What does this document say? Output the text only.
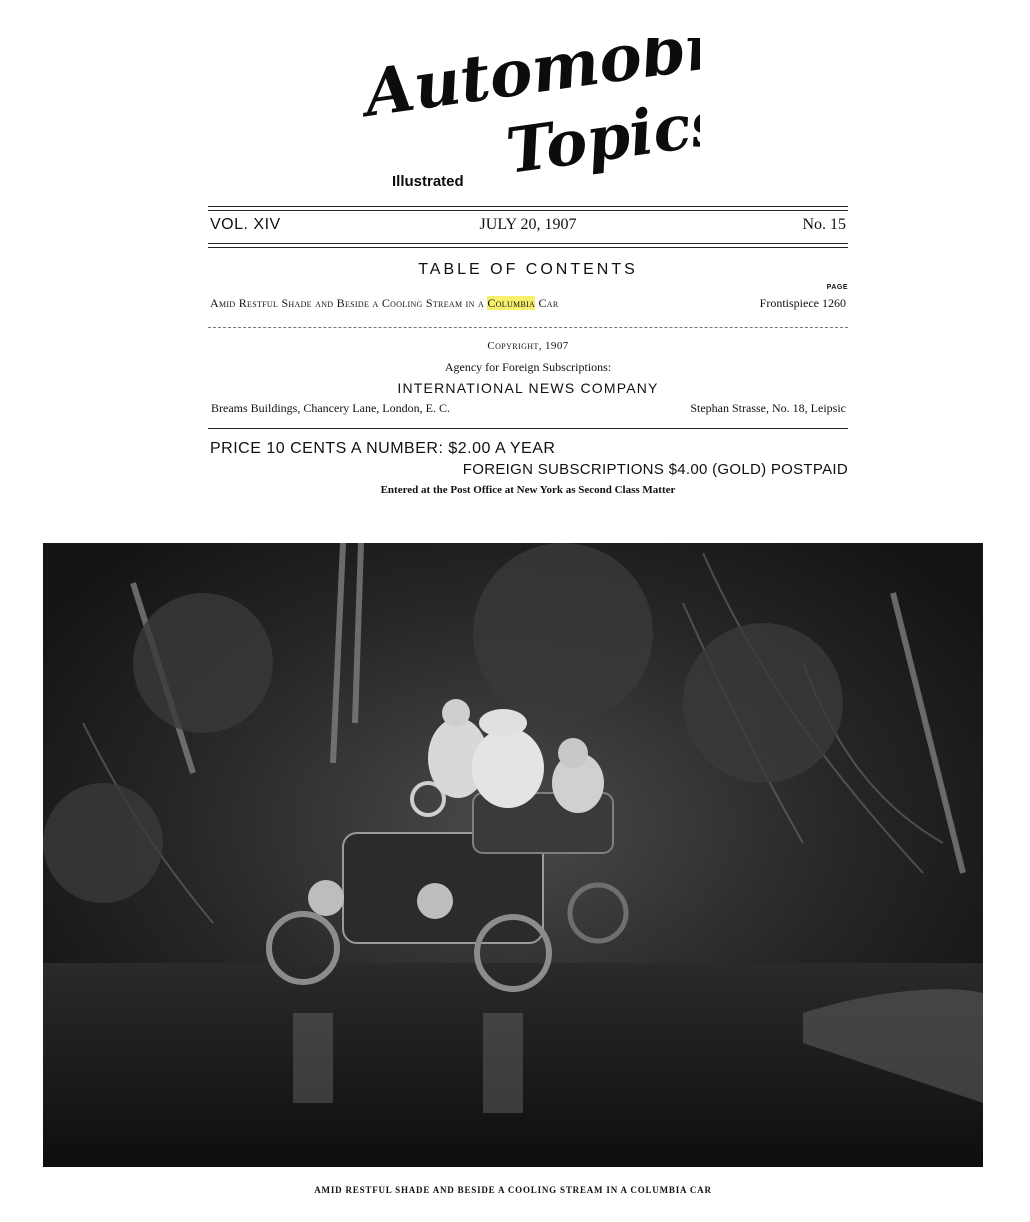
Automobile
Topics
Illustrated
VOL. XIV	JULY 20, 1907	No. 15
TABLE OF CONTENTS
PAGE
Amid Restful Shade and Beside a Cooling Stream in a Columbia Car	Frontispiece 1260
Copyright, 1907
Agency for Foreign Subscriptions:
INTERNATIONAL NEWS COMPANY
Breams Buildings, Chancery Lane, London, E. C.	Stephan Strasse, No. 18, Leipsic
PRICE 10 CENTS A NUMBER: $2.00 A YEAR
FOREIGN SUBSCRIPTIONS $4.00 (GOLD) POSTPAID
Entered at the Post Office at New York as Second Class Matter
AMID RESTFUL SHADE AND BESIDE A COOLING STREAM IN A COLUMBIA CAR
